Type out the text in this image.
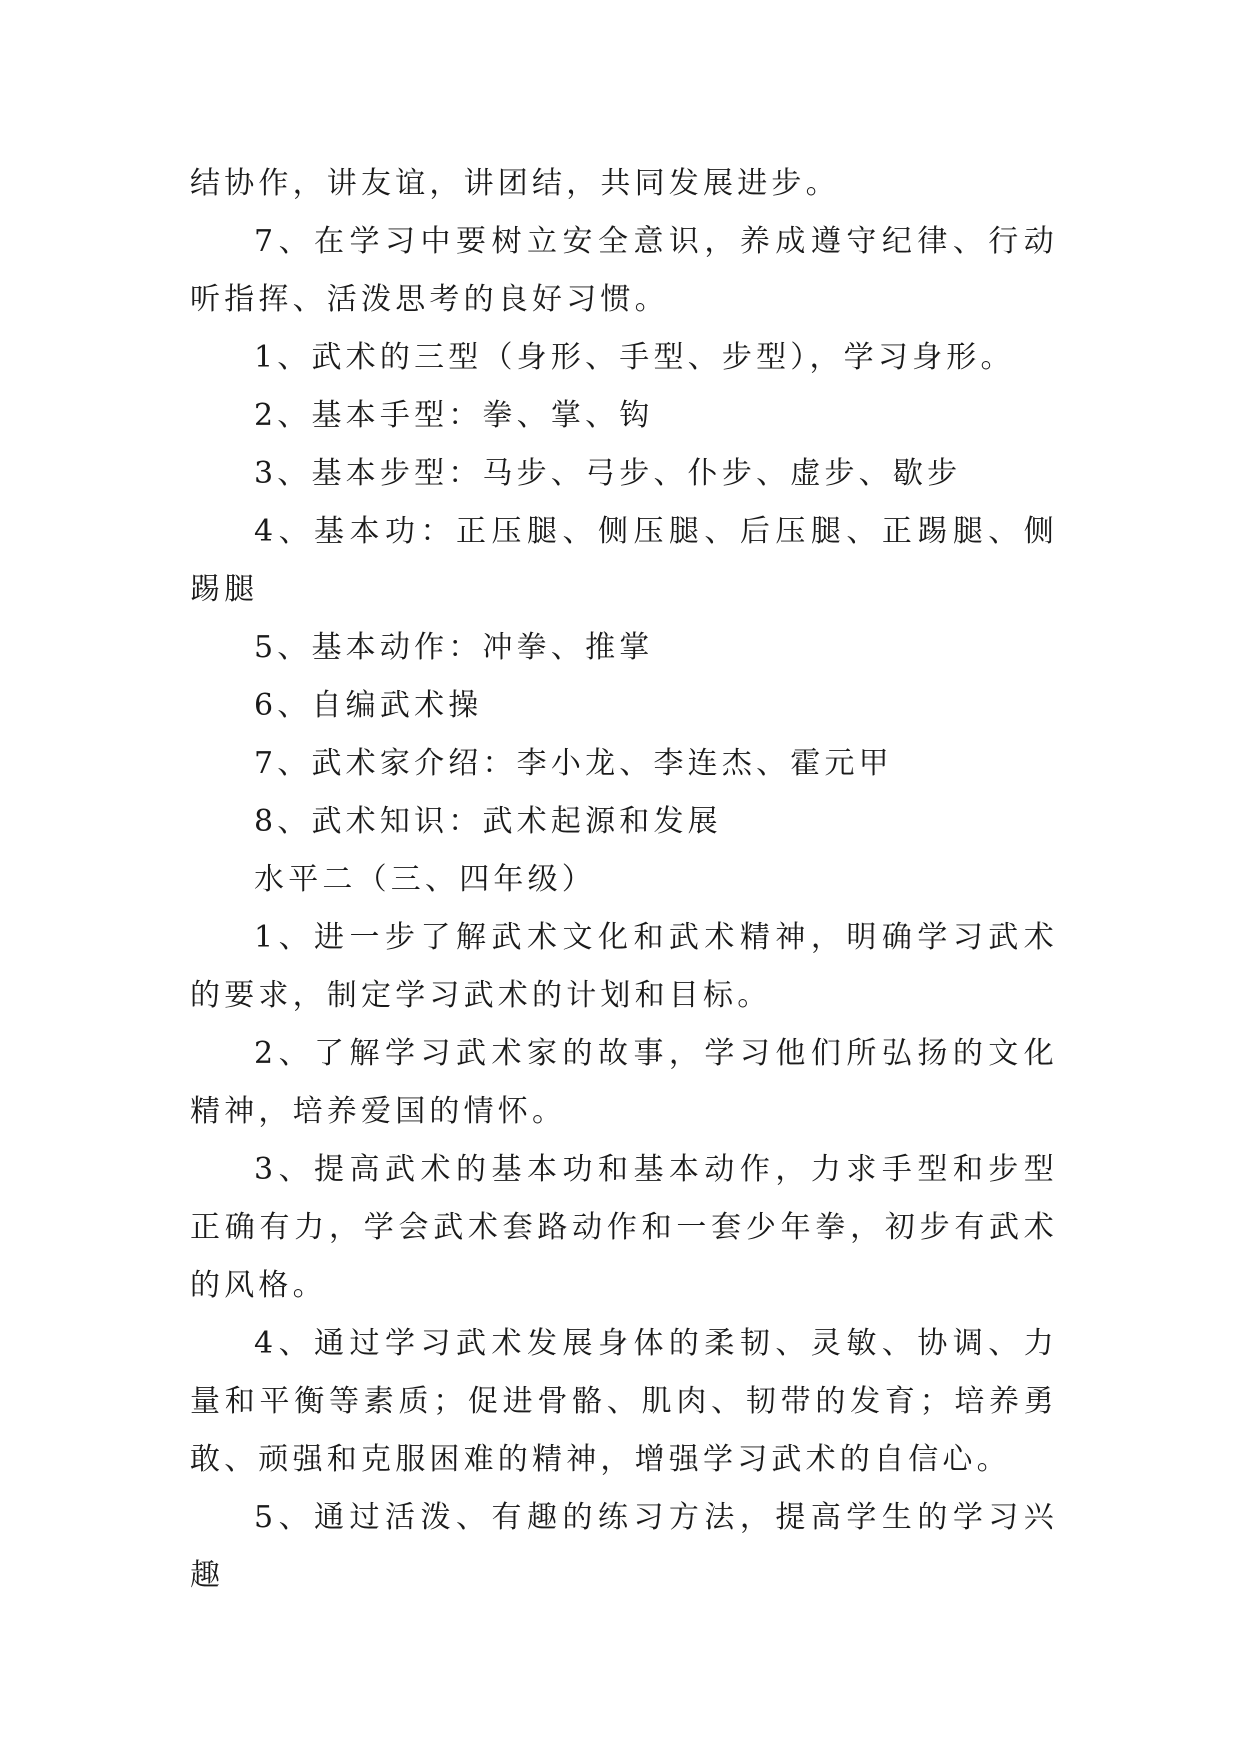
结协作，讲友谊，讲团结，共同发展进步。

7、在学习中要树立安全意识，养成遵守纪律、行动听指挥、活泼思考的良好习惯。

1、武术的三型（身形、手型、步型），学习身形。

2、基本手型：拳、掌、钩

3、基本步型：马步、弓步、仆步、虚步、歇步

4、基本功：正压腿、侧压腿、后压腿、正踢腿、侧踢腿

5、基本动作：冲拳、推掌

6、自编武术操

7、武术家介绍：李小龙、李连杰、霍元甲

8、武术知识：武术起源和发展

水平二（三、四年级）

1、进一步了解武术文化和武术精神，明确学习武术的要求，制定学习武术的计划和目标。

2、了解学习武术家的故事，学习他们所弘扬的文化精神，培养爱国的情怀。

3、提高武术的基本功和基本动作，力求手型和步型正确有力，学会武术套路动作和一套少年拳，初步有武术的风格。

4、通过学习武术发展身体的柔韧、灵敏、协调、力量和平衡等素质；促进骨骼、肌肉、韧带的发育；培养勇敢、顽强和克服困难的精神，增强学习武术的自信心。

5、通过活泼、有趣的练习方法，提高学生的学习兴趣
